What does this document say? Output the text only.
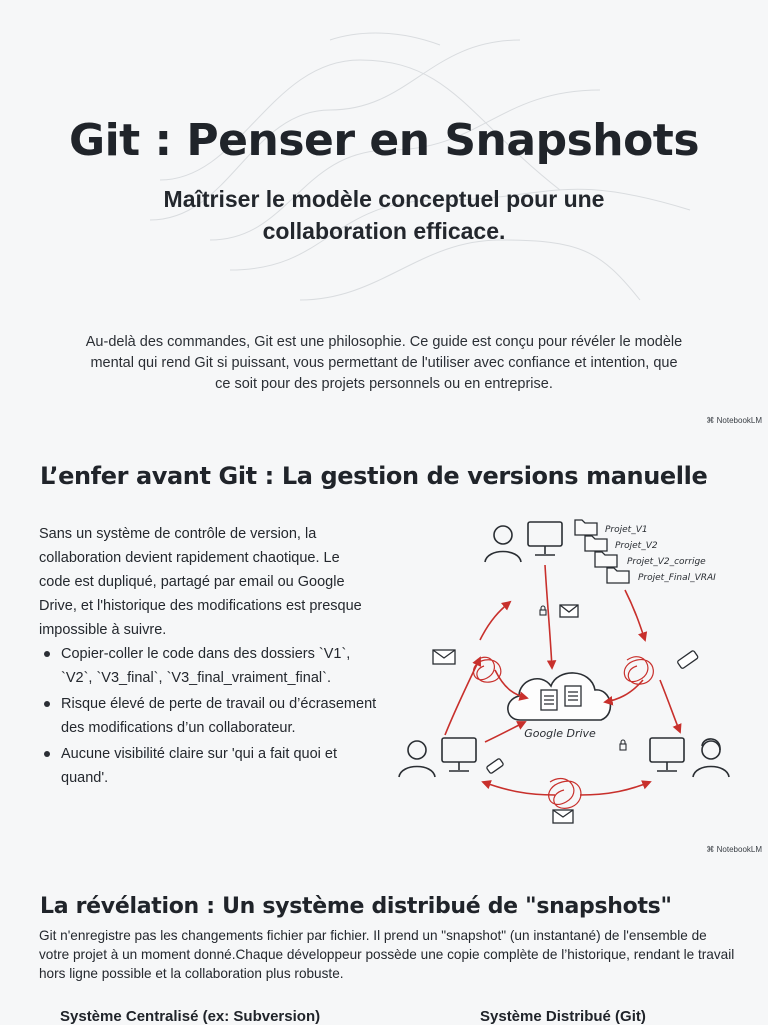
Git : Penser en Snapshots

Maîtriser le modèle conceptuel pour une collaboration efficace.

Au-delà des commandes, Git est une philosophie. Ce guide est conçu pour révéler le modèle mental qui rend Git si puissant, vous permettant de l'utiliser avec confiance et intention, que ce soit pour des projets personnels ou en entreprise.

⌘ NotebookLM
L’enfer avant Git : La gestion de versions manuelle

Sans un système de contrôle de version, la collaboration devient rapidement chaotique. Le code est dupliqué, partagé par email ou Google Drive, et l'historique des modifications est presque impossible à suivre.

Copier-coller le code dans des dossiers `V1`, `V2`, `V3_final`, `V3_final_vraiment_final`.
Risque élevé de perte de travail ou d’écrasement des modifications d’un collaborateur.
Aucune visibilité claire sur 'qui a fait quoi et quand'.
Projet_V1
Projet_V2
Projet_V2_corrige
Projet_Final_VRAI
Google Drive
⌘ NotebookLM
La révélation : Un système distribué de "snapshots"

Git n'enregistre pas les changements fichier par fichier. Il prend un "snapshot" (un instantané) de l'ensemble de votre projet à un moment donné.Chaque développeur possède une copie complète de l’historique, rendant le travail hors ligne possible et la collaboration plus robuste.

Système Centralisé (ex: Subversion)	Système Distribué (Git)
